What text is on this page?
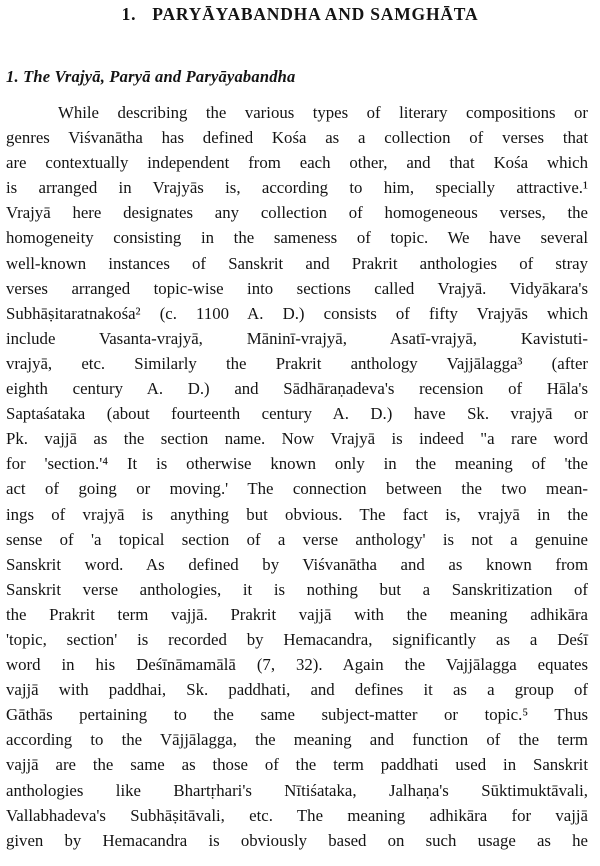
1. PARYĀYABANDHA AND SAMGHĀTA
1. The Vrajyā, Paryā and Paryāyabandha

While describing the various types of literary compositions or
genres Viśvanātha has defined Kośa as a collection of verses that
are contextually independent from each other, and that Kośa which
is arranged in Vrajyās is, according to him, specially attractive.¹
Vrajyā here designates any collection of homogeneous verses, the
homogeneity consisting in the sameness of topic. We have several
well-known instances of Sanskrit and Prakrit anthologies of stray
verses arranged topic-wise into sections called Vrajyā. Vidyākara's
Subhāṣitaratnakośa² (c. 1100 A. D.) consists of fifty Vrajyās which
include Vasanta-vrajyā, Māninī-vrajyā, Asatī-vrajyā, Kavistuti-
vrajyā, etc. Similarly the Prakrit anthology Vajjālagga³ (after
eighth century A. D.) and Sādhāraṇadeva's recension of Hāla's
Saptaśataka (about fourteenth century A. D.) have Sk. vrajyā or
Pk. vajjā as the section name. Now Vrajyā is indeed "a rare word
for 'section.'⁴ It is otherwise known only in the meaning of 'the
act of going or moving.' The connection between the two mean-
ings of vrajyā is anything but obvious. The fact is, vrajyā in the
sense of 'a topical section of a verse anthology' is not a genuine
Sanskrit word. As defined by Viśvanātha and as known from
Sanskrit verse anthologies, it is nothing but a Sanskritization of
the Prakrit term vajjā. Prakrit vajjā with the meaning adhikāra
'topic, section' is recorded by Hemacandra, significantly as a Deśī
word in his Deśīnāmamālā (7, 32). Again the Vajjālagga equates
vajjā with paddhai, Sk. paddhati, and defines it as a group of
Gāthās pertaining to the same subject-matter or topic.⁵ Thus
according to the Vājjālagga, the meaning and function of the term
vajjā are the same as those of the term paddhati used in Sanskrit
anthologies like Bhartṛhari's Nītiśataka, Jalhaṇa's Sūktimuktāvali,
Vallabhadeva's Subhāṣitāvali, etc. The meaning adhikāra for vajjā
given by Hemacandra is obviously based on such usage as he
